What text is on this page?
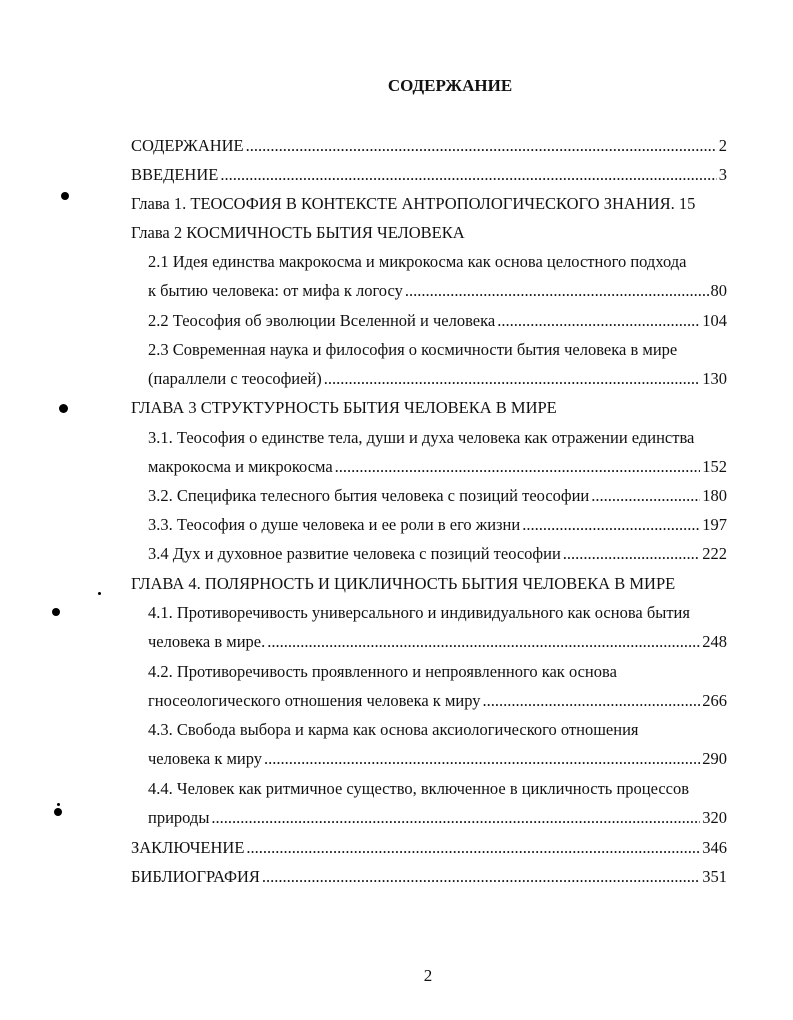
СОДЕРЖАНИЕ
СОДЕРЖАНИЕ .....	2
ВВЕДЕНИЕ .....	3
Глава 1. ТЕОСОФИЯ В КОНТЕКСТЕ АНТРОПОЛОГИЧЕСКОГО ЗНАНИЯ. 15
Глава 2 КОСМИЧНОСТЬ БЫТИЯ ЧЕЛОВЕКА
2.1 Идея единства макрокосма и микрокосма как основа целостного подхода
к бытию человека: от мифа к логосу .....	80
2.2 Теософия об эволюции Вселенной и человека .....	104
2.3 Современная наука и философия о космичности бытия человека в мире
(параллели с теософией) .....	130
ГЛАВА 3 СТРУКТУРНОСТЬ БЫТИЯ ЧЕЛОВЕКА В МИРЕ
3.1. Теософия о единстве тела, души и духа человека как отражении единства
макрокосма и микрокосма .....	152
3.2. Специфика телесного бытия человека с позиций теософии .....	180
3.3. Теософия о душе человека и ее роли в его жизни .....	197
3.4 Дух и духовное развитие человека с позиций теософии .....	222
ГЛАВА 4. ПОЛЯРНОСТЬ И ЦИКЛИЧНОСТЬ БЫТИЯ ЧЕЛОВЕКА В МИРЕ
4.1. Противоречивость универсального и индивидуального как основа бытия
человека в мире. .....	248
4.2. Противоречивость проявленного и непроявленного как основа
гносеологического отношения человека к миру .....	266
4.3. Свобода выбора и карма как основа аксиологического отношения
человека к миру .....	290
4.4. Человек как ритмичное существо, включенное в цикличность процессов
природы .....	320
ЗАКЛЮЧЕНИЕ .....	346
БИБЛИОГРАФИЯ .....	351
2
